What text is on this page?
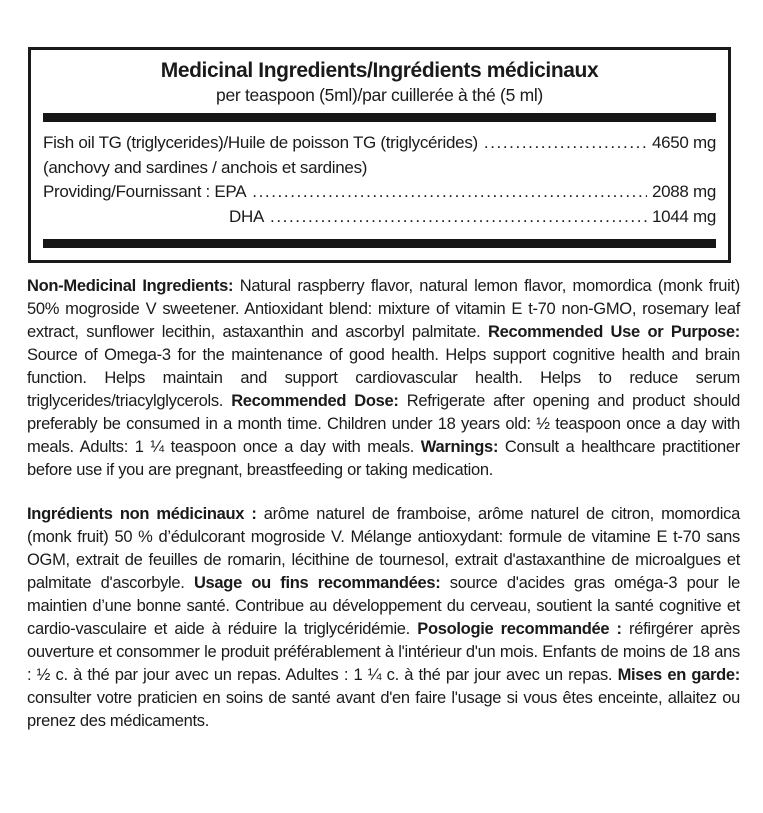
Medicinal Ingredients/Ingrédients médicinaux
per teaspoon (5ml)/par cuillerée à thé (5 ml)
Fish oil TG (triglycerides)/Huile de poisson TG (triglycérides) .....	4650 mg
(anchovy and sardines / anchois et sardines)
Providing/Fournissant : EPA .....	2088 mg
DHA .....	1044 mg

Non-Medicinal Ingredients: Natural raspberry flavor, natural lemon flavor, momordica (monk fruit) 50% mogroside V sweetener. Antioxidant blend: mixture of vitamin E t-70 non-GMO, rosemary leaf extract, sunflower lecithin, astaxanthin and ascorbyl palmitate. Recommended Use or Purpose: Source of Omega-3 for the maintenance of good health. Helps support cognitive health and brain function. Helps maintain and support cardiovascular health. Helps to reduce serum triglycerides/triacylglycerols. Recommended Dose: Refrigerate after opening and product should preferably be consumed in a month time. Children under 18 years old: ½ teaspoon once a day with meals. Adults: 1 ¼ teaspoon once a day with meals. Warnings: Consult a healthcare practitioner before use if you are pregnant, breastfeeding or taking medication.

Ingrédients non médicinaux : arôme naturel de framboise, arôme naturel de citron, momordica (monk fruit) 50 % d’édulcorant mogroside V. Mélange antioxydant: formule de vitamine E t-70 sans OGM, extrait de feuilles de romarin, lécithine de tournesol, extrait d'astaxanthine de microalgues et palmitate d'ascorbyle. Usage ou fins recommandées: source d'acides gras oméga-3 pour le maintien d’une bonne santé. Contribue au développement du cerveau, soutient la santé cognitive et cardio-vasculaire et aide à réduire la triglycéridémie. Posologie recommandée : réfirgérer après ouverture et consommer le produit préférablement à l'intérieur d'un mois. Enfants de moins de 18 ans : ½ c. à thé par jour avec un repas. Adultes : 1 ¼ c. à thé par jour avec un repas. Mises en garde: consulter votre praticien en soins de santé avant d'en faire l'usage si vous êtes enceinte, allaitez ou prenez des médicaments.
